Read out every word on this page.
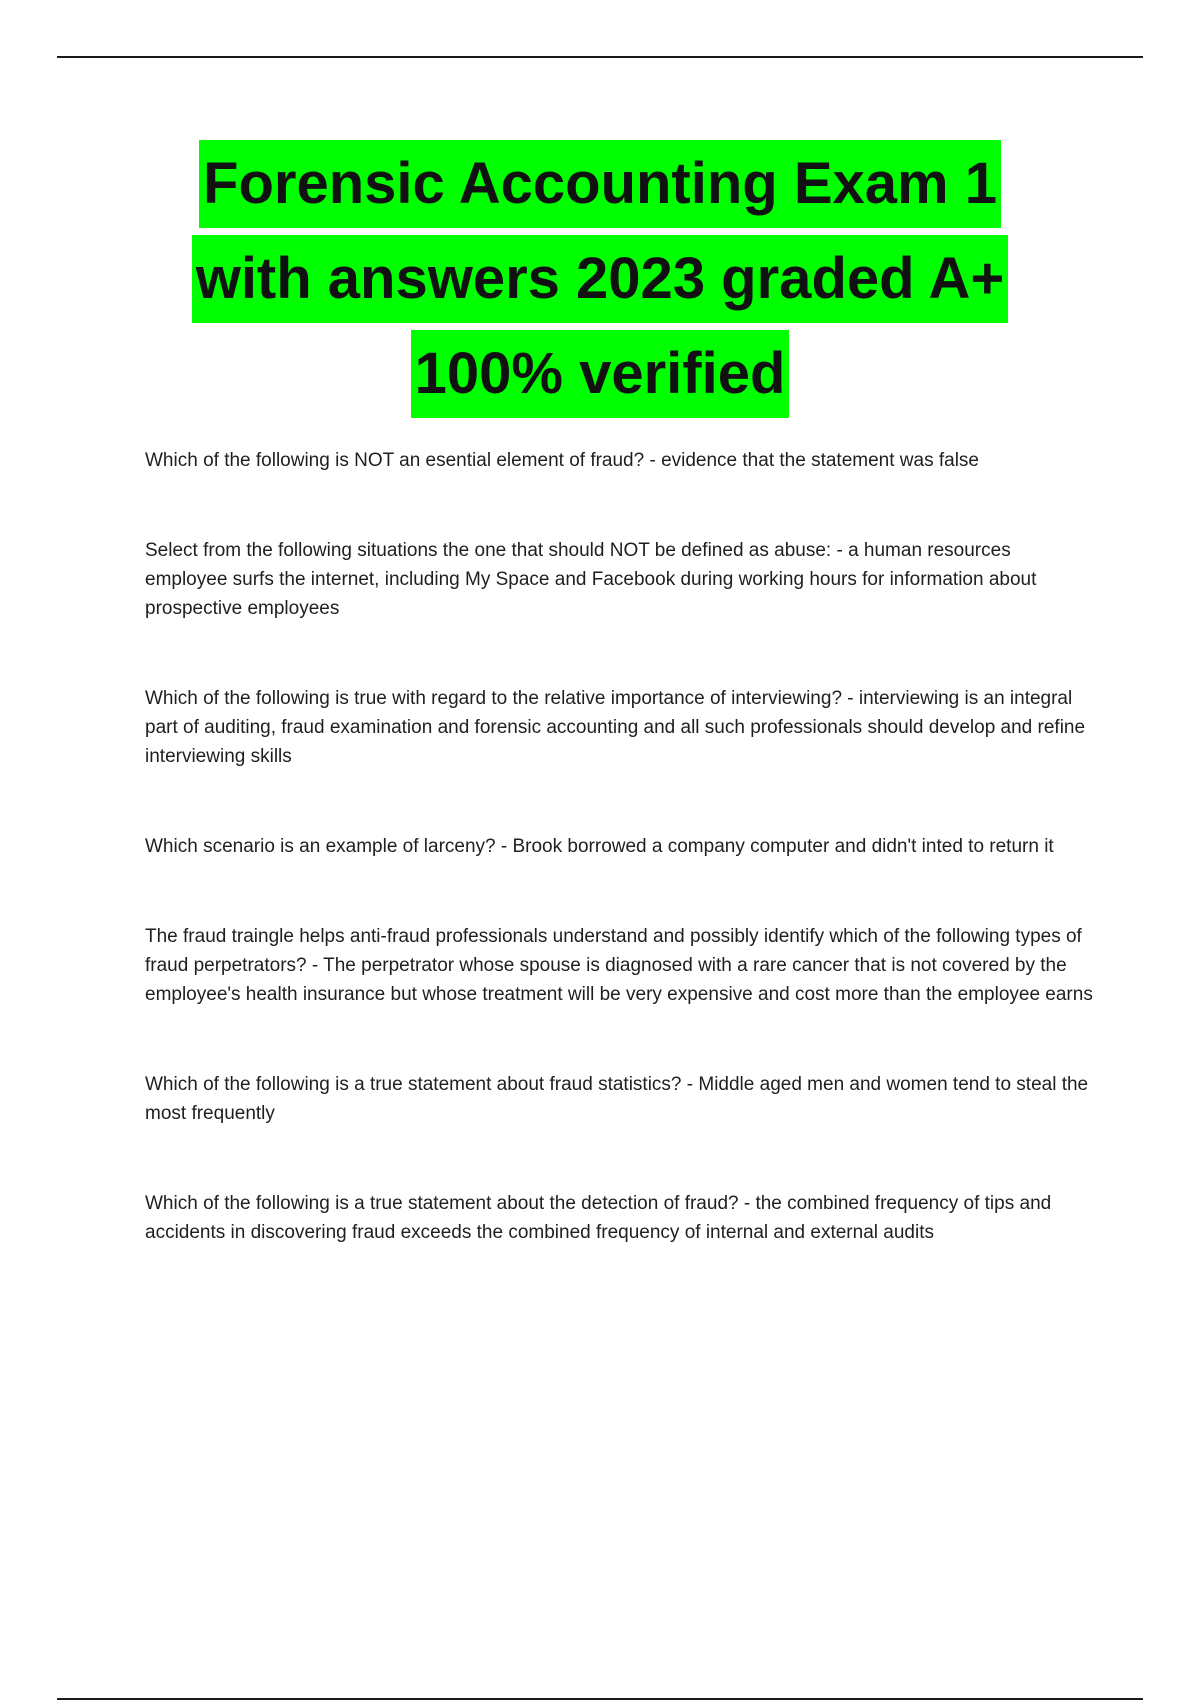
Forensic Accounting Exam 1
with answers 2023 graded A+
100% verified

Which of the following is NOT an esential element of fraud? - evidence that the statement was false

Select from the following situations the one that should NOT be defined as abuse: - a human resources employee surfs the internet, including My Space and Facebook during working hours for information about prospective employees

Which of the following is true with regard to the relative importance of interviewing? - interviewing is an integral part of auditing, fraud examination and forensic accounting and all such professionals should develop and refine interviewing skills

Which scenario is an example of larceny? - Brook borrowed a company computer and didn't inted to return it

The fraud traingle helps anti-fraud professionals understand and possibly identify which of the following types of fraud perpetrators? - The perpetrator whose spouse is diagnosed with a rare cancer that is not covered by the employee's health insurance but whose treatment will be very expensive and cost more than the employee earns

Which of the following is a true statement about fraud statistics? - Middle aged men and women tend to steal the most frequently

Which of the following is a true statement about the detection of fraud? - the combined frequency of tips and accidents in discovering fraud exceeds the combined frequency of internal and external audits
